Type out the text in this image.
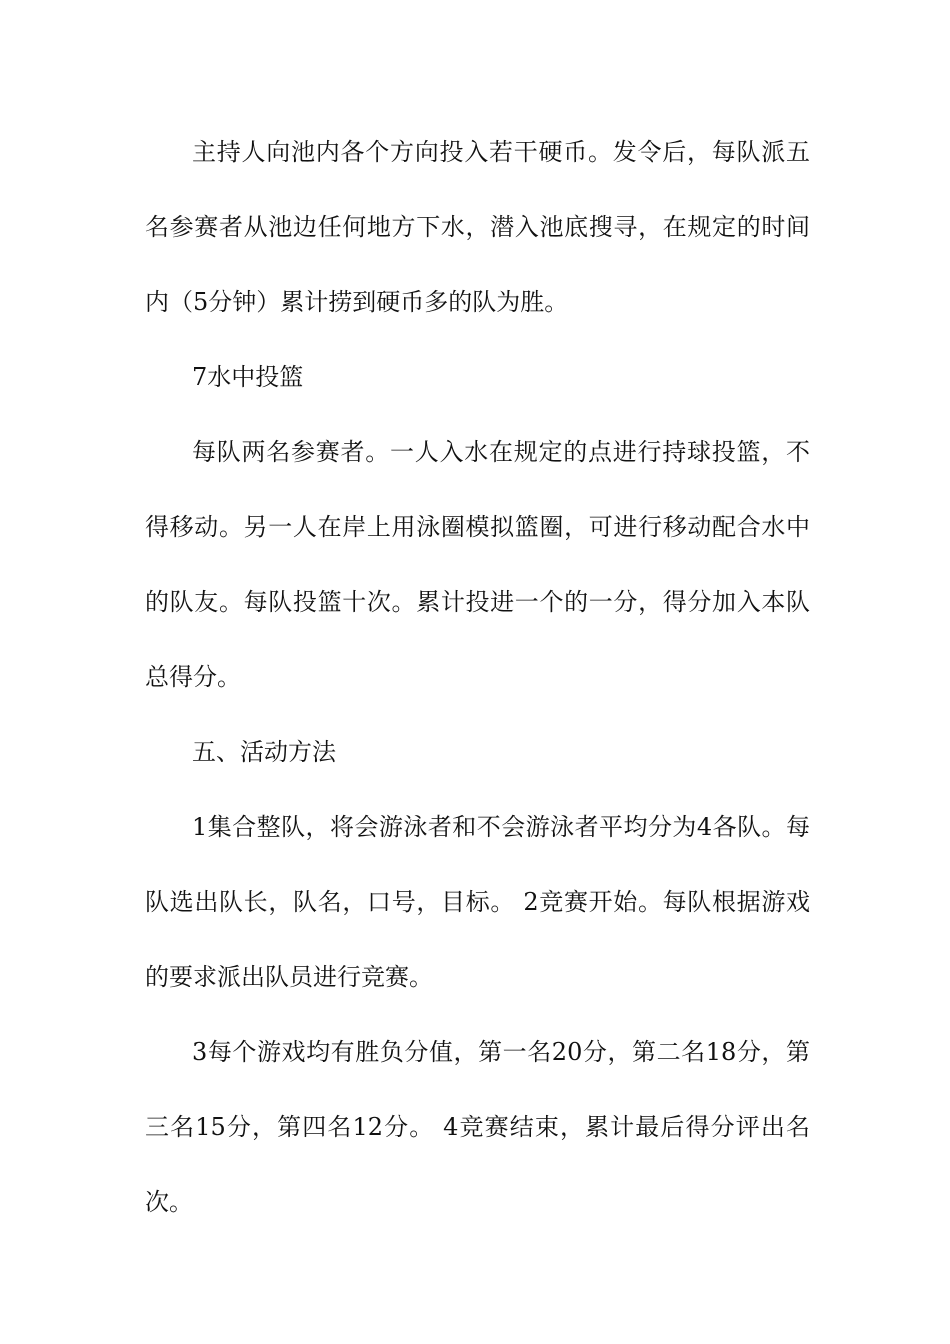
主持人向池内各个方向投入若干硬币。发令后，每队派五
名参赛者从池边任何地方下水，潜入池底搜寻，在规定的时间
内（5分钟）累计捞到硬币多的队为胜。
7水中投篮
每队两名参赛者。一人入水在规定的点进行持球投篮，不
得移动。另一人在岸上用泳圈模拟篮圈，可进行移动配合水中
的队友。每队投篮十次。累计投进一个的一分，得分加入本队
总得分。
五、活动方法
1集合整队，将会游泳者和不会游泳者平均分为4各队。每
队选出队长，队名，口号，目标。 2竞赛开始。每队根据游戏
的要求派出队员进行竞赛。
3每个游戏均有胜负分值，第一名20分，第二名18分，第
三名15分，第四名12分。 4竞赛结束，累计最后得分评出名
次。
